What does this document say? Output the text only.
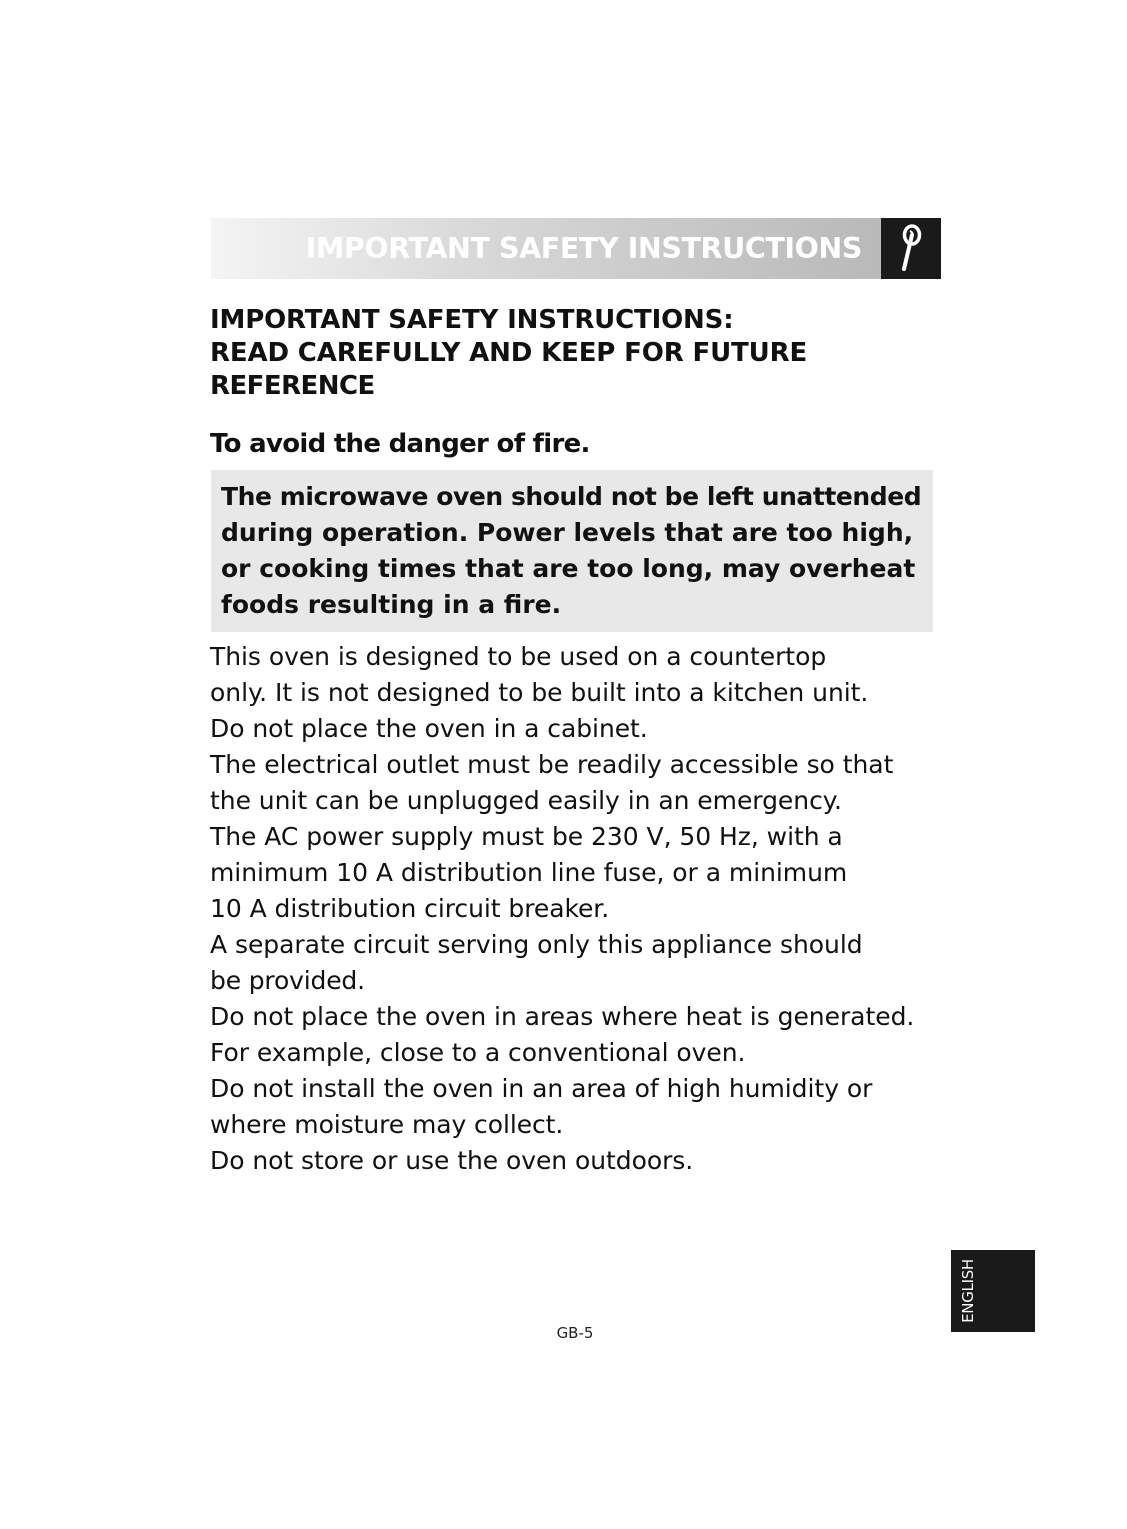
IMPORTANT SAFETY INSTRUCTIONS
IMPORTANT SAFETY INSTRUCTIONS:
READ CAREFULLY AND KEEP FOR FUTURE
REFERENCE
To avoid the danger of fire.
The microwave oven should not be left unattended
during operation. Power levels that are too high,
or cooking times that are too long, may overheat
foods resulting in a fire.
This oven is designed to be used on a countertop
only. It is not designed to be built into a kitchen unit.
Do not place the oven in a cabinet.
The electrical outlet must be readily accessible so that
the unit can be unplugged easily in an emergency.
The AC power supply must be 230 V, 50 Hz, with a
minimum 10 A distribution line fuse, or a minimum
10 A distribution circuit breaker.
A separate circuit serving only this appliance should
be provided.
Do not place the oven in areas where heat is generated.
For example, close to a conventional oven.
Do not install the oven in an area of high humidity or
where moisture may collect.
Do not store or use the oven outdoors.
ENGLISH
GB-5
